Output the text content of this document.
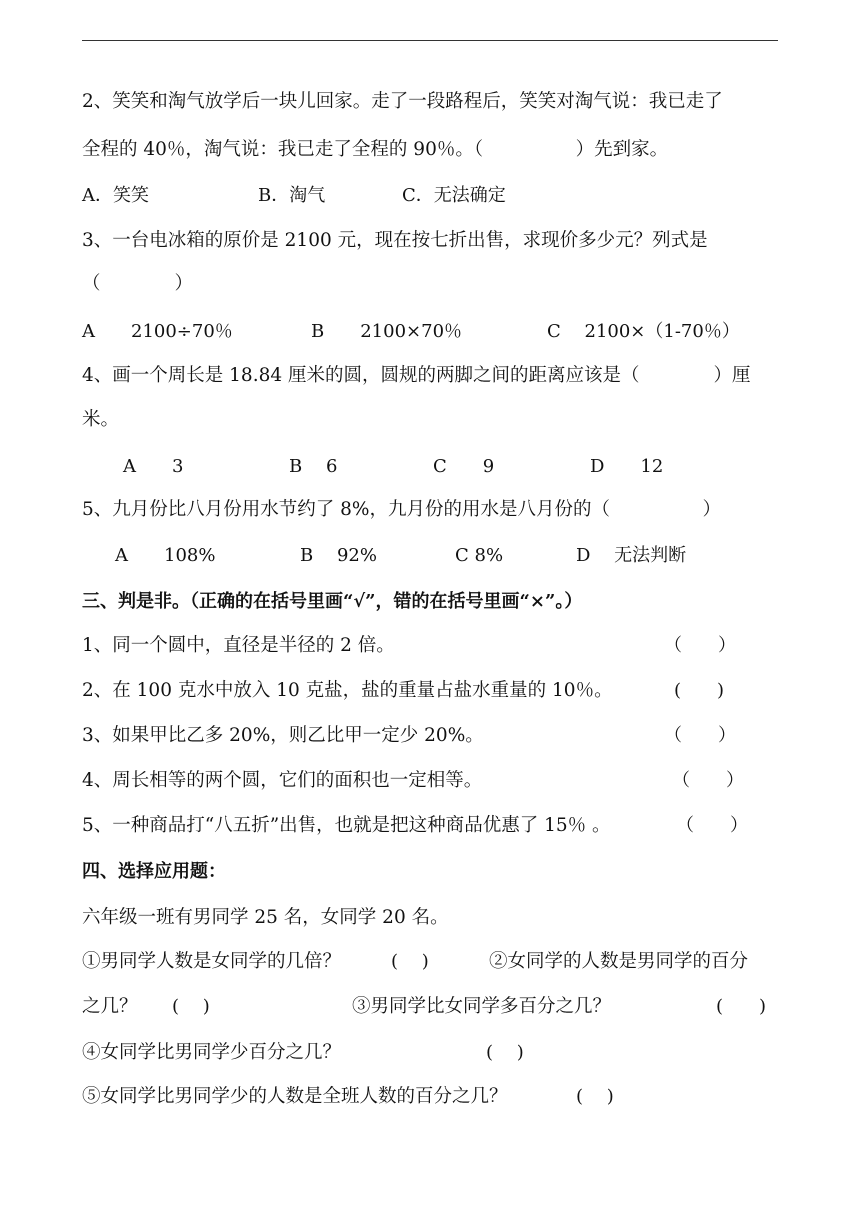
2、笑笑和淘气放学后一块儿回家。走了一段路程后，笑笑对淘气说：我已走了
全程的 40％，淘气说：我已走了全程的 90％。（　　　　　）先到家。
A．笑笑	B．淘气	C．无法确定
3、一台电冰箱的原价是 2100 元，现在按七折出售，求现价多少元？列式是
（　　　　）
A　　2100÷70％	B　　2100×70％	C　 2100×（1-70％）
4、画一个周长是 18.84 厘米的圆，圆规的两脚之间的距离应该是（　　　　）厘
米。
A　　3	B　 6	C　　9	D　　12
5、九月份比八月份用水节约了 8%，九月份的用水是八月份的（　　　　　）
A　　108%	B　 92%	C 8%	D　 无法判断
三、判是非。（正确的在括号里画“√”，错的在括号里画“×”。）
1、同一个圆中，直径是半径的 2 倍。	（　　）
2、在 100 克水中放入 10 克盐，盐的重量占盐水重量的 10％。	(　　)
3、如果甲比乙多 20%，则乙比甲一定少 20%。	（　　）
4、周长相等的两个圆，它们的面积也一定相等。	（　　）
5、一种商品打“八五折”出售，也就是把这种商品优惠了 15％ 。	（　　）
四、选择应用题：
六年级一班有男同学 25 名，女同学 20 名。
①男同学人数是女同学的几倍？	(　 )	②女同学的人数是男同学的百分
之几？ (　 )	③男同学比女同学多百分之几？	(　　)
④女同学比男同学少百分之几？	(　 )
⑤女同学比男同学少的人数是全班人数的百分之几？	(　 )
